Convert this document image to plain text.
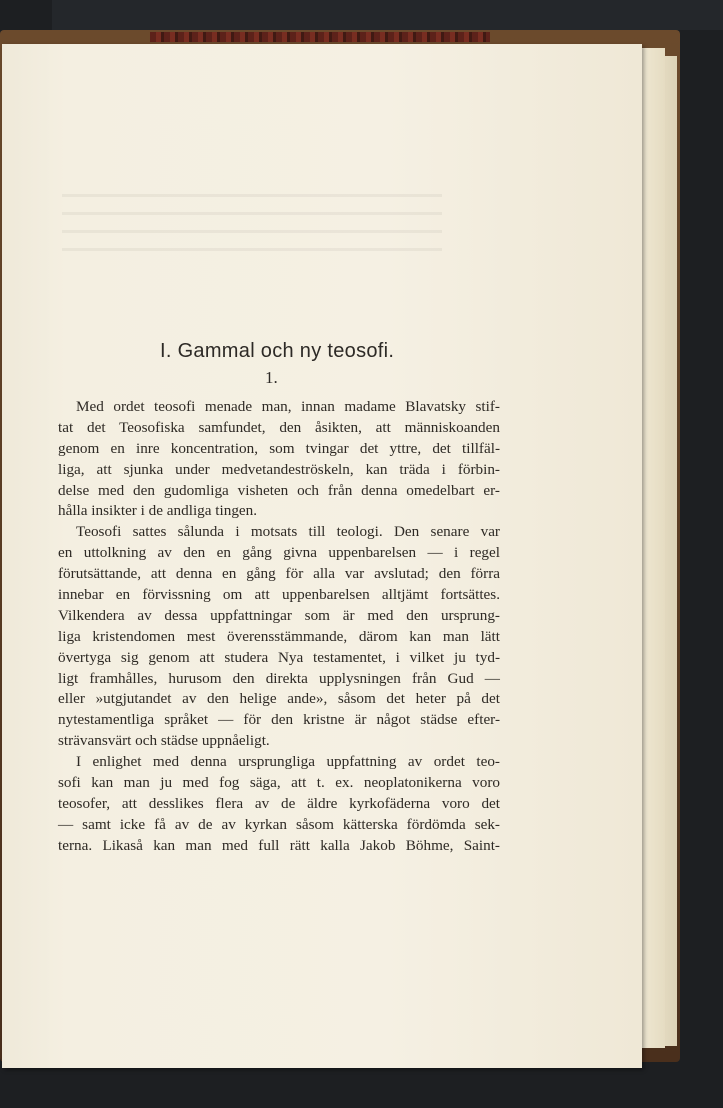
I. Gammal och ny teosofi.
1.
Med ordet teosofi menade man, innan madame Blavatsky stif-
tat det Teosofiska samfundet, den åsikten, att människoanden
genom en inre koncentration, som tvingar det yttre, det tillfäl-
liga, att sjunka under medvetandeströskeln, kan träda i förbin-
delse med den gudomliga visheten och från denna omedelbart er-
hålla insikter i de andliga tingen.
Teosofi sattes sålunda i motsats till teologi. Den senare var
en uttolkning av den en gång givna uppenbarelsen — i regel
förutsättande, att denna en gång för alla var avslutad; den förra
innebar en förvissning om att uppenbarelsen alltjämt fortsättes.
Vilkendera av dessa uppfattningar som är med den ursprung-
liga kristendomen mest överensstämmande, därom kan man lätt
övertyga sig genom att studera Nya testamentet, i vilket ju tyd-
ligt framhålles, hurusom den direkta upplysningen från Gud —
eller »utgjutandet av den helige ande», såsom det heter på det
nytestamentliga språket — för den kristne är något städse efter-
strävansvärt och städse uppnåeligt.
I enlighet med denna ursprungliga uppfattning av ordet teo-
sofi kan man ju med fog säga, att t. ex. neoplatonikerna voro
teosofer, att desslikes flera av de äldre kyrkofäderna voro det
— samt icke få av de av kyrkan såsom kätterska fördömda sek-
terna. Likaså kan man med full rätt kalla Jakob Böhme, Saint-
